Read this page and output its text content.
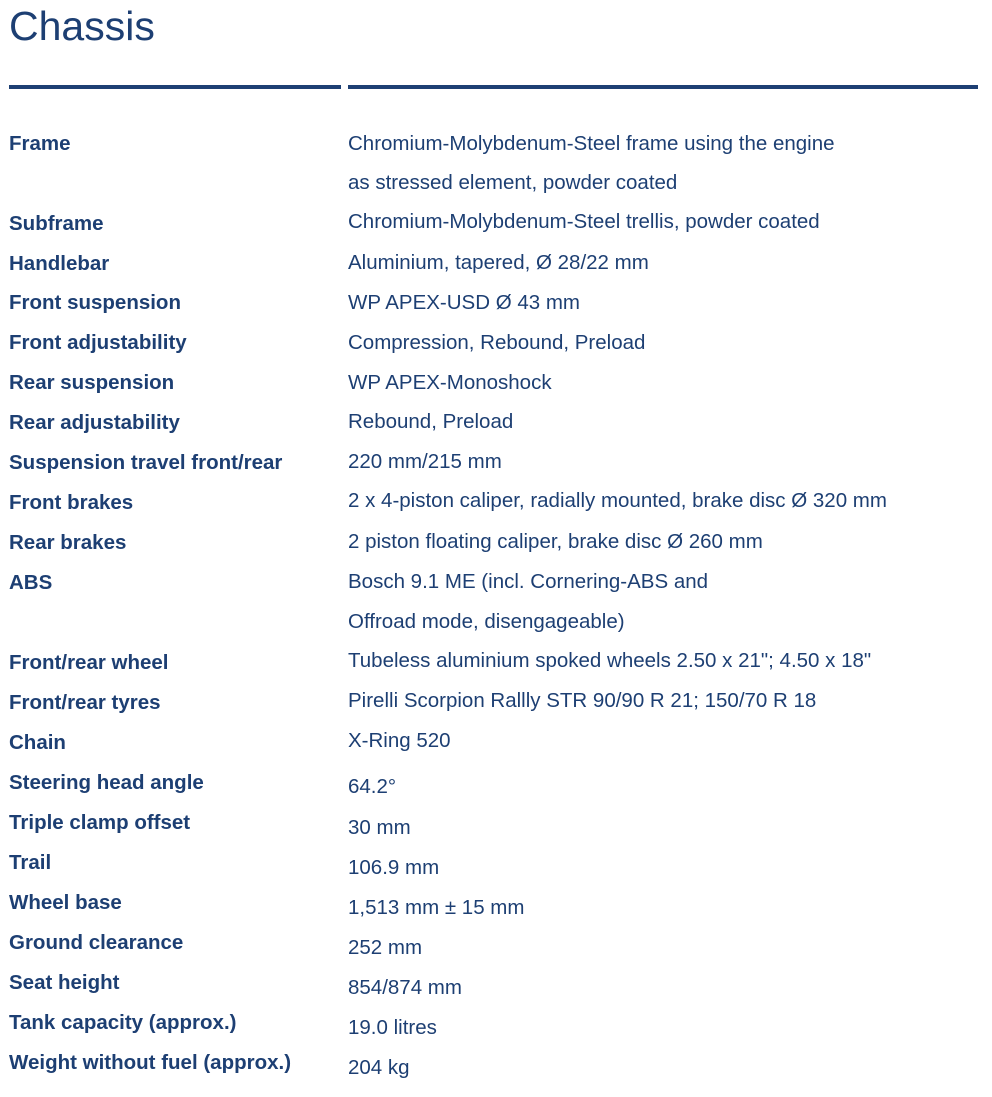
Chassis
Frame	Chromium-Molybdenum-Steel frame using the engine
as stressed element, powder coated
Subframe	Chromium-Molybdenum-Steel trellis, powder coated
Handlebar	Aluminium, tapered, Ø 28/22 mm
Front suspension	WP APEX-USD Ø 43 mm
Front adjustability	Compression, Rebound, Preload
Rear suspension	WP APEX-Monoshock
Rear adjustability	Rebound, Preload
Suspension travel front/rear	220 mm/215 mm
Front brakes	2 x 4-piston caliper, radially mounted, brake disc Ø 320 mm
Rear brakes	2 piston floating caliper, brake disc Ø 260 mm
ABS	Bosch 9.1 ME (incl. Cornering-ABS and
Offroad mode, disengageable)
Front/rear wheel	Tubeless aluminium spoked wheels 2.50 x 21"; 4.50 x 18"
Front/rear tyres	Pirelli Scorpion Rallly STR 90/90 R 21; 150/70 R 18
Chain	X-Ring 520
Steering head angle	64.2°
Triple clamp offset	30 mm
Trail	106.9 mm
Wheel base	1,513 mm ± 15 mm
Ground clearance	252 mm
Seat height	854/874 mm
Tank capacity (approx.)	19.0 litres
Weight without fuel (approx.)	204 kg
